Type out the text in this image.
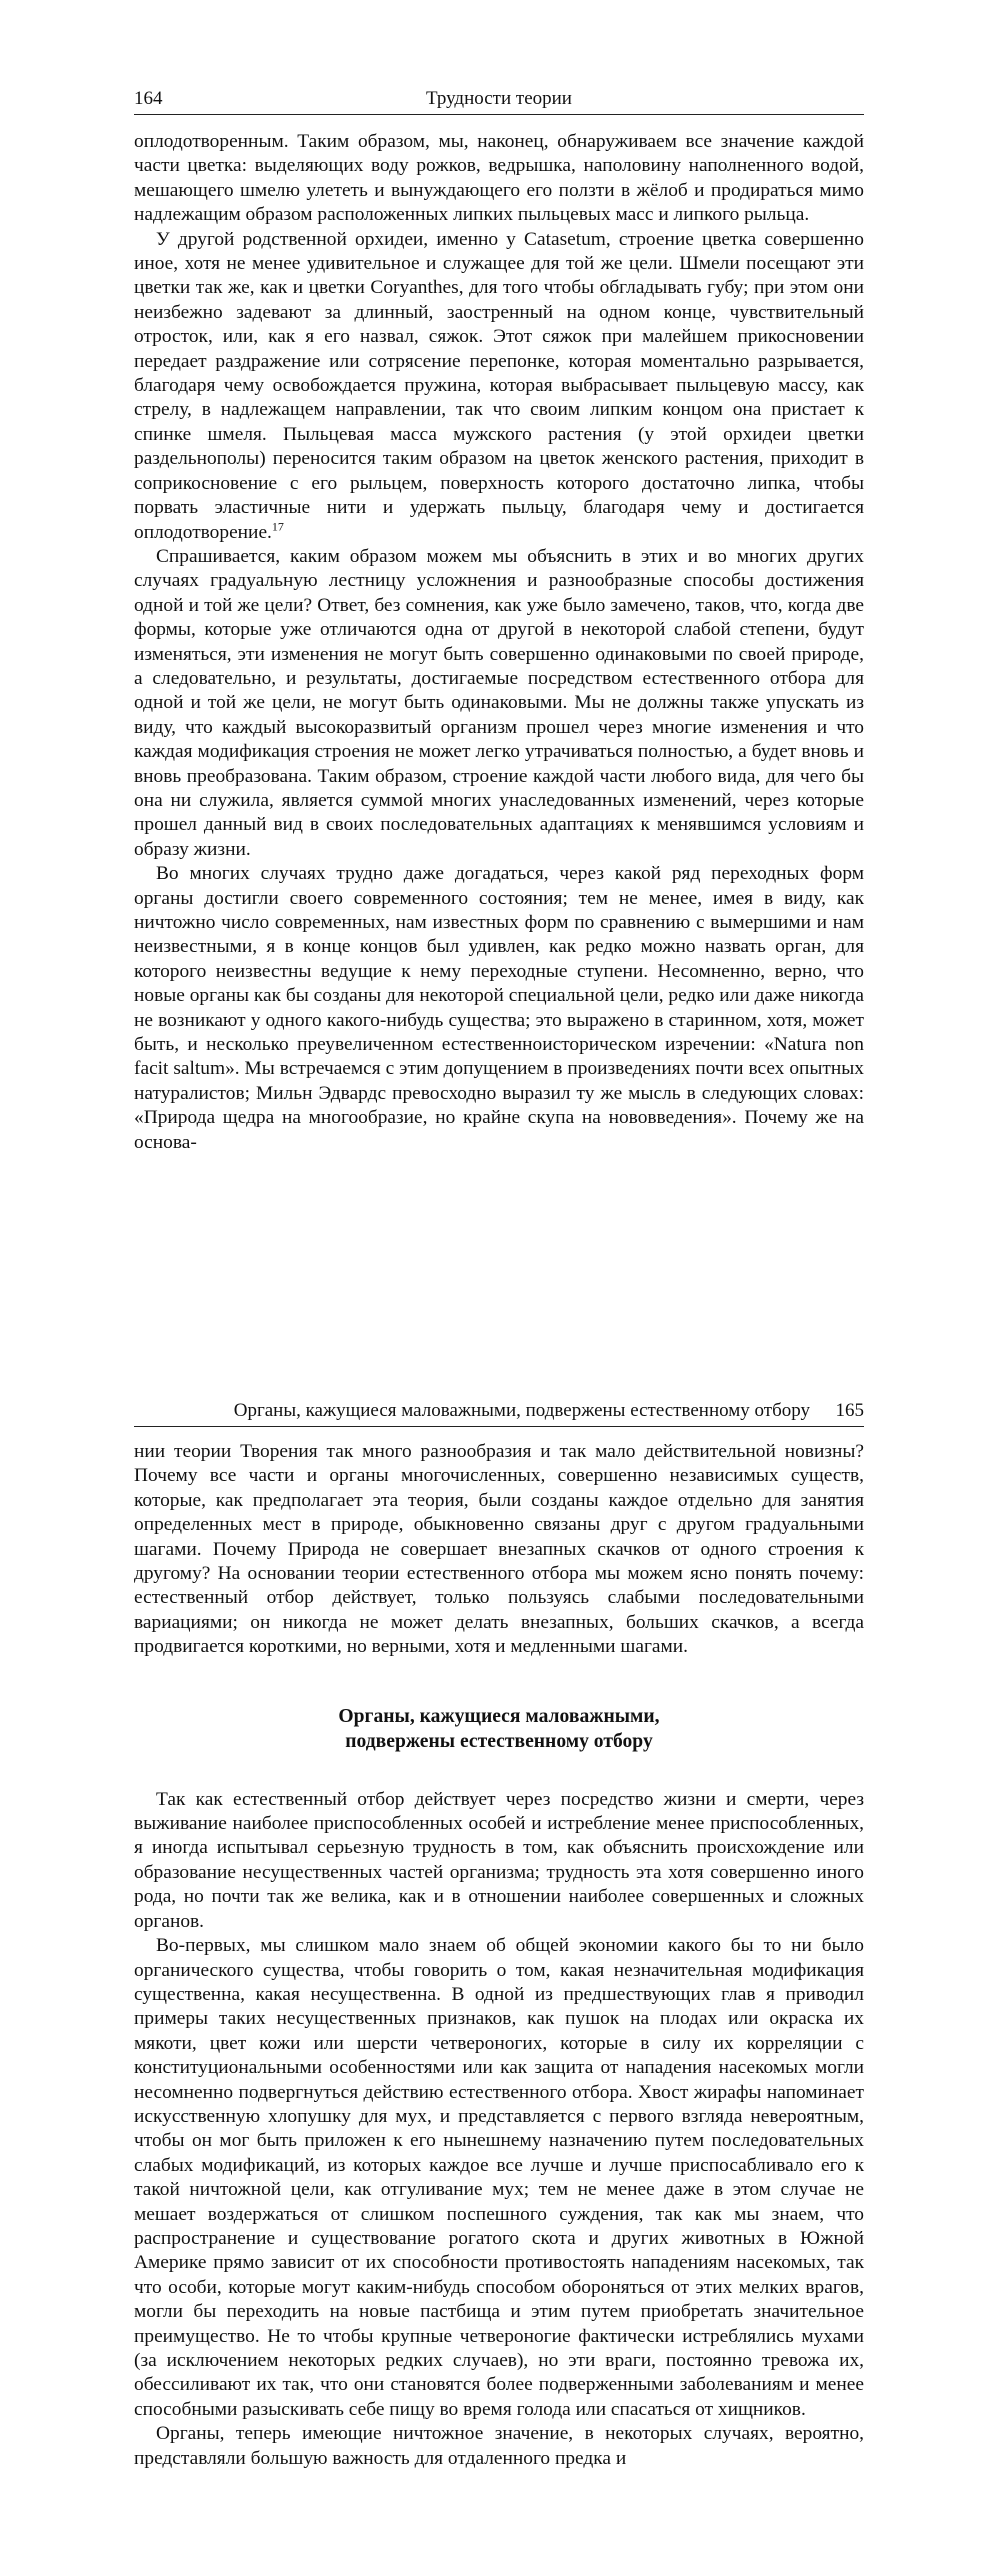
164	Трудности теории

оплодотворенным. Таким образом, мы, наконец, обнаруживаем все значение каждой части цветка: выделяющих воду рожков, ведрышка, наполовину наполненного водой, мешающего шмелю улететь и вынуждающего его ползти в жёлоб и продираться мимо надлежащим образом расположенных липких пыльцевых масс и липкого рыльца.

У другой родственной орхидеи, именно у Catasetum, строение цветка совершенно иное, хотя не менее удивительное и служащее для той же цели. Шмели посещают эти цветки так же, как и цветки Coryanthes, для того чтобы обгладывать губу; при этом они неизбежно задевают за длинный, заостренный на одном конце, чувствительный отросток, или, как я его назвал, сяжок. Этот сяжок при малейшем прикосновении передает раздражение или сотрясение перепонке, которая моментально разрывается, благодаря чему освобождается пружина, которая выбрасывает пыльцевую массу, как стрелу, в надлежащем направлении, так что своим липким концом она пристает к спинке шмеля. Пыльцевая масса мужского растения (у этой орхидеи цветки раздельнополы) переносится таким образом на цветок женского растения, приходит в соприкосновение с его рыльцем, поверхность которого достаточно липка, чтобы порвать эластичные нити и удержать пыльцу, благодаря чему и достигается оплодотворение.$^{17}$

Спрашивается, каким образом можем мы объяснить в этих и во многих других случаях градуальную лестницу усложнения и разнообразные способы достижения одной и той же цели? Ответ, без сомнения, как уже было замечено, таков, что, когда две формы, которые уже отличаются одна от другой в некоторой слабой степени, будут изменяться, эти изменения не могут быть совершенно одинаковыми по своей природе, а следовательно, и результаты, достигаемые посредством естественного отбора для одной и той же цели, не могут быть одинаковыми. Мы не должны также упускать из виду, что каждый высокоразвитый организм прошел через многие изменения и что каждая модификация строения не может легко утрачиваться полностью, а будет вновь и вновь преобразована. Таким образом, строение каждой части любого вида, для чего бы она ни служила, является суммой многих унаследованных изменений, через которые прошел данный вид в своих последовательных адаптациях к менявшимся условиям и образу жизни.

Во многих случаях трудно даже догадаться, через какой ряд переходных форм органы достигли своего современного состояния; тем не менее, имея в виду, как ничтожно число современных, нам известных форм по сравнению с вымершими и нам неизвестными, я в конце концов был удивлен, как редко можно назвать орган, для которого неизвестны ведущие к нему переходные ступени. Несомненно, верно, что новые органы как бы созданы для некоторой специальной цели, редко или даже никогда не возникают у одного какого-нибудь существа; это выражено в старинном, хотя, может быть, и несколько преувеличенном естественноисторическом изречении: «Natura non facit saltum». Мы встречаемся с этим допущением в произведениях почти всех опытных натуралистов; Мильн Эдвардс превосходно выразил ту же мысль в следующих словах: «Природа щедра на многообразие, но крайне скупа на нововведения». Почему же на основа-

Органы, кажущиеся маловажными, подвержены естественному отбору 165

нии теории Творения так много разнообразия и так мало действительной новизны? Почему все части и органы многочисленных, совершенно независимых существ, которые, как предполагает эта теория, были созданы каждое отдельно для занятия определенных мест в природе, обыкновенно связаны друг с другом градуальными шагами. Почему Природа не совершает внезапных скачков от одного строения к другому? На основании теории естественного отбора мы можем ясно понять почему: естественный отбор действует, только пользуясь слабыми последовательными вариациями; он никогда не может делать внезапных, больших скачков, а всегда продвигается короткими, но верными, хотя и медленными шагами.

Органы, кажущиеся маловажными,
подвержены естественному отбору

Так как естественный отбор действует через посредство жизни и смерти, через выживание наиболее приспособленных особей и истребление менее приспособленных, я иногда испытывал серьезную трудность в том, как объяснить происхождение или образование несущественных частей организма; трудность эта хотя совершенно иного рода, но почти так же велика, как и в отношении наиболее совершенных и сложных органов.

Во-первых, мы слишком мало знаем об общей экономии какого бы то ни было органического существа, чтобы говорить о том, какая незначительная модификация существенна, какая несущественна. В одной из предшествующих глав я приводил примеры таких несущественных признаков, как пушок на плодах или окраска их мякоти, цвет кожи или шерсти четвероногих, которые в силу их корреляции с конституциональными особенностями или как защита от нападения насекомых могли несомненно подвергнуться действию естественного отбора. Хвост жирафы напоминает искусственную хлопушку для мух, и представляется с первого взгляда невероятным, чтобы он мог быть приложен к его нынешнему назначению путем последовательных слабых модификаций, из которых каждое все лучше и лучше приспосабливало его к такой ничтожной цели, как отгуливание мух; тем не менее даже в этом случае не мешает воздержаться от слишком поспешного суждения, так как мы знаем, что распространение и существование рогатого скота и других животных в Южной Америке прямо зависит от их способности противостоять нападениям насекомых, так что особи, которые могут каким-нибудь способом обороняться от этих мелких врагов, могли бы переходить на новые пастбища и этим путем приобретать значительное преимущество. Не то чтобы крупные четвероногие фактически истреблялись мухами (за исключением некоторых редких случаев), но эти враги, постоянно тревожа их, обессиливают их так, что они становятся более подверженными заболеваниям и менее способными разыскивать себе пищу во время голода или спасаться от хищников.

Органы, теперь имеющие ничтожное значение, в некоторых случаях, вероятно, представляли большую важность для отдаленного предка и
